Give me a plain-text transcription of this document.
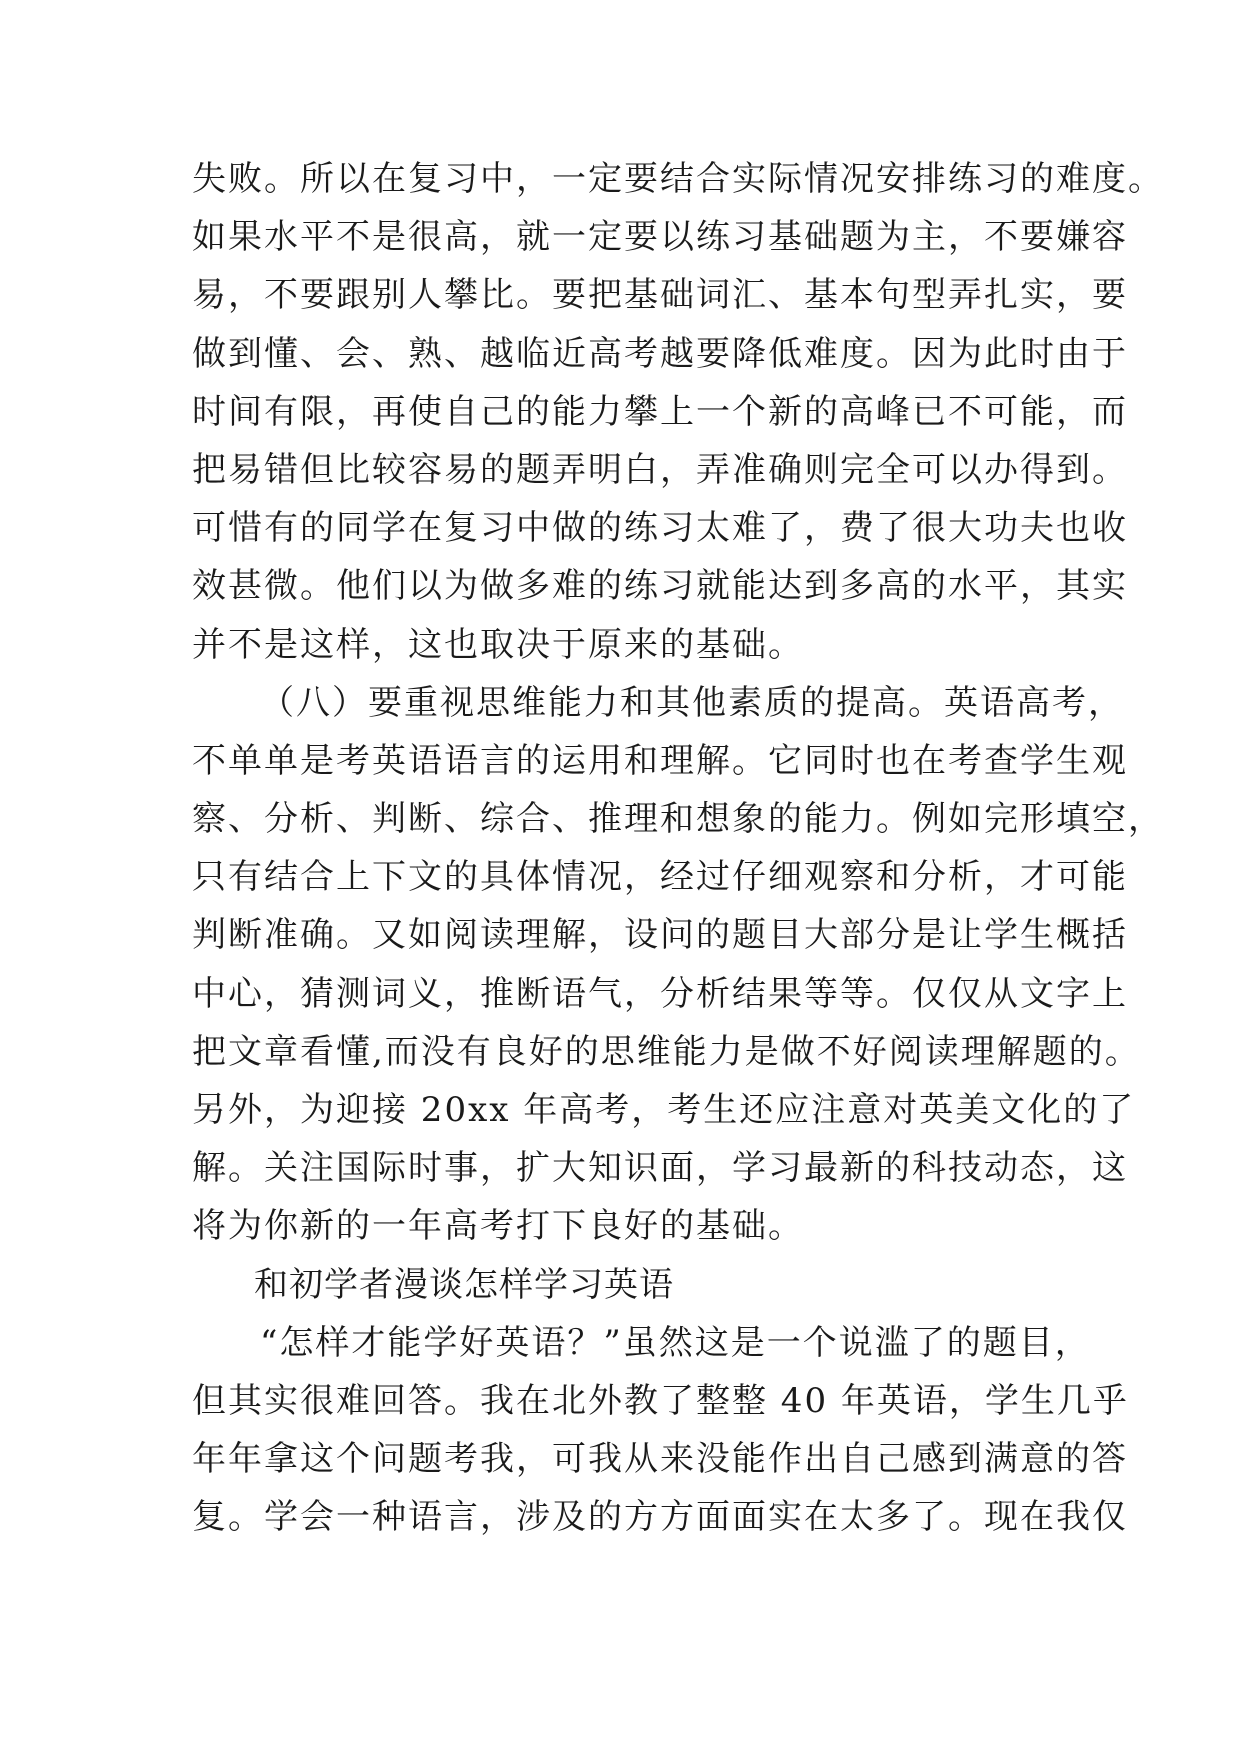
失败。所以在复习中，一定要结合实际情况安排练习的难度。
如果水平不是很高，就一定要以练习基础题为主，不要嫌容
易，不要跟别人攀比。要把基础词汇、基本句型弄扎实，要
做到懂、会、熟、越临近高考越要降低难度。因为此时由于
时间有限，再使自己的能力攀上一个新的高峰已不可能，而
把易错但比较容易的题弄明白，弄准确则完全可以办得到。
可惜有的同学在复习中做的练习太难了，费了很大功夫也收
效甚微。他们以为做多难的练习就能达到多高的水平，其实
并不是这样，这也取决于原来的基础。
（八）要重视思维能力和其他素质的提高。英语高考，
不单单是考英语语言的运用和理解。它同时也在考查学生观
察、分析、判断、综合、推理和想象的能力。例如完形填空，
只有结合上下文的具体情况，经过仔细观察和分析，才可能
判断准确。又如阅读理解，设问的题目大部分是让学生概括
中心，猜测词义，推断语气，分析结果等等。仅仅从文字上
把文章看懂,而没有良好的思维能力是做不好阅读理解题的。
另外，为迎接 20xx 年高考，考生还应注意对英美文化的了
解。关注国际时事，扩大知识面，学习最新的科技动态，这
将为你新的一年高考打下良好的基础。
和初学者漫谈怎样学习英语
“怎样才能学好英语？”虽然这是一个说滥了的题目，
但其实很难回答。我在北外教了整整 40 年英语，学生几乎
年年拿这个问题考我，可我从来没能作出自己感到满意的答
复。学会一种语言，涉及的方方面面实在太多了。现在我仅
